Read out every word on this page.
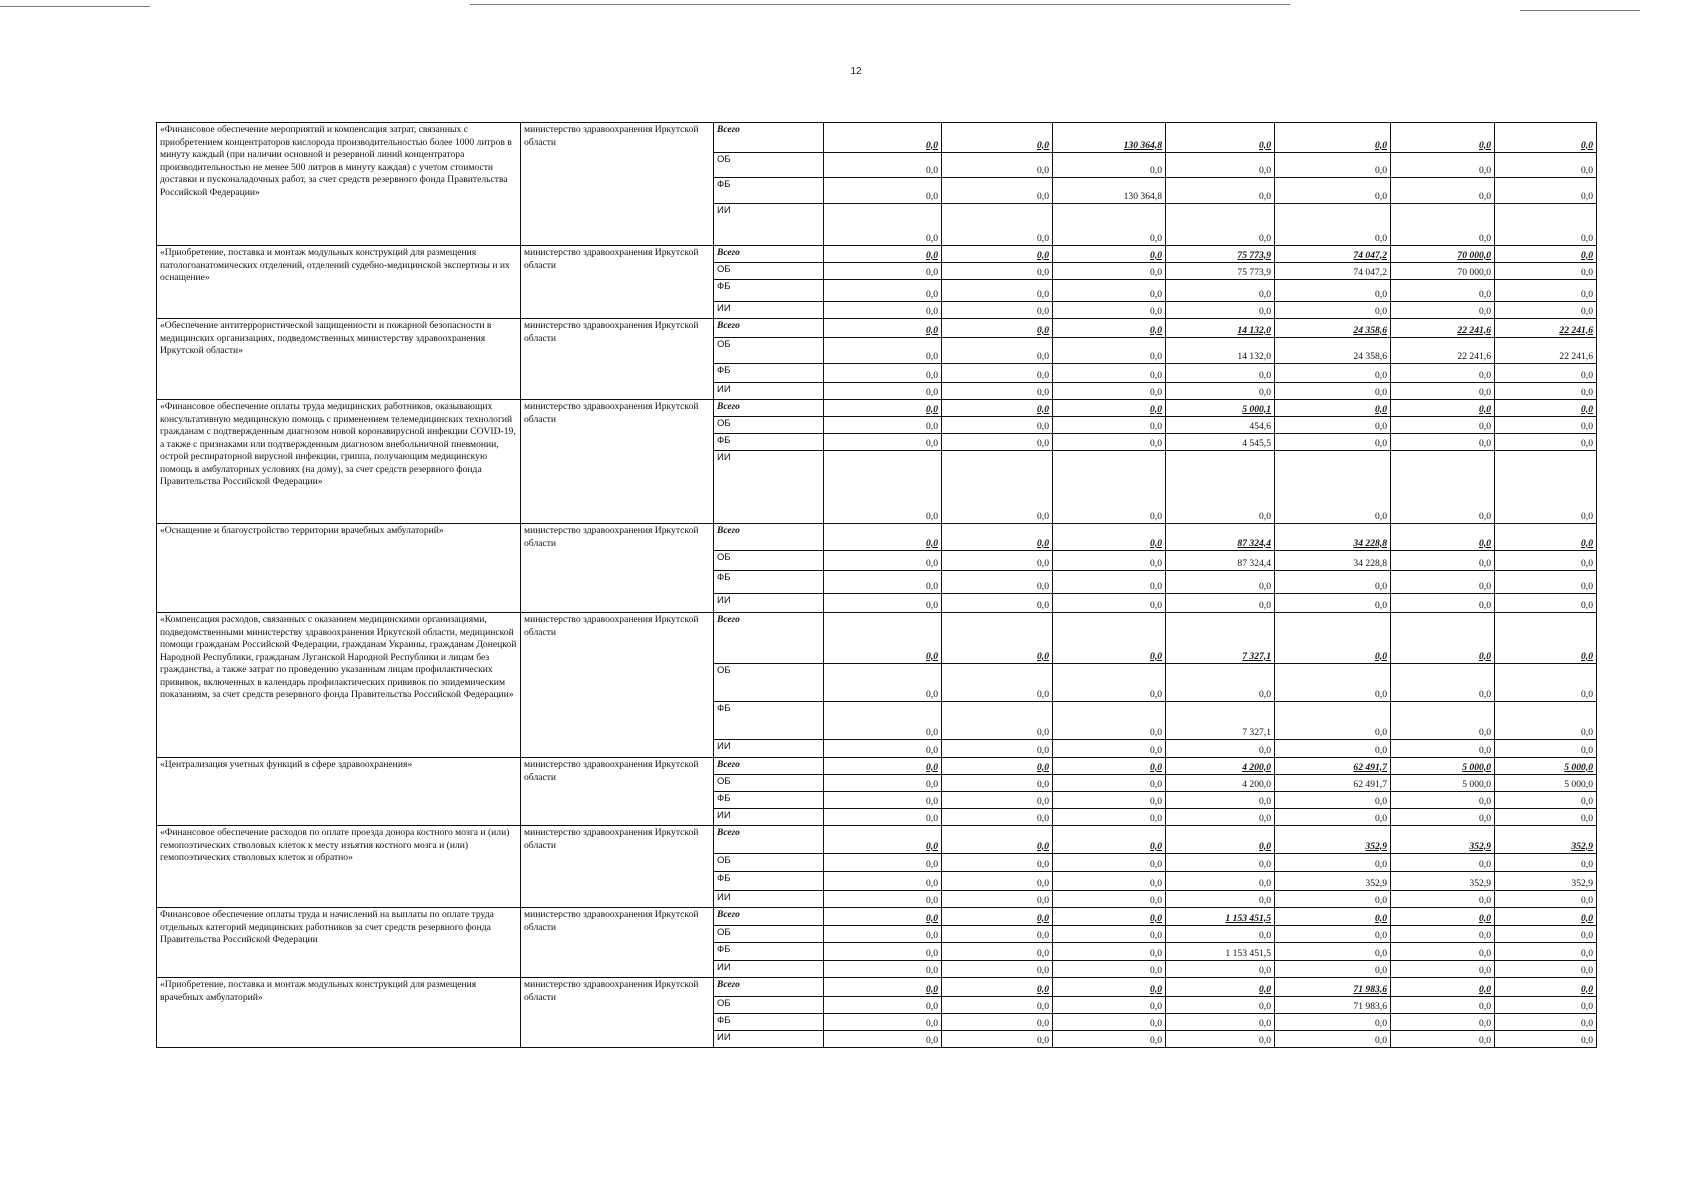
12
«Финансовое обеспечение мероприятий и компенсация затрат, связанных с приобретением концентраторов кислорода производительностью более 1000 литров в минуту каждый (при наличии основной и резервной линий концентратора производительностью не менее 500 литров в минуту каждая) с учетом стоимости доставки и пусконаладочных работ, за счет средств резервного фонда Правительства Российской Федерации»	министерство здравоохранения Иркутской области	Всего	0,0	0,0	130 364,8	0,0	0,0	0,0	0,0
		ОБ	0,0	0,0	0,0	0,0	0,0	0,0	0,0
		ФБ	0,0	0,0	130 364,8	0,0	0,0	0,0	0,0
		ИИ	0,0	0,0	0,0	0,0	0,0	0,0	0,0
«Приобретение, поставка и монтаж модульных конструкций для размещения патологоанатомических отделений, отделений судебно-медицинской экспертизы и их оснащение»	министерство здравоохранения Иркутской области	Всего	0,0	0,0	0,0	75 773,9	74 047,2	70 000,0	0,0
		ОБ	0,0	0,0	0,0	75 773,9	74 047,2	70 000,0	0,0
		ФБ	0,0	0,0	0,0	0,0	0,0	0,0	0,0
		ИИ	0,0	0,0	0,0	0,0	0,0	0,0	0,0
«Обеспечение антитеррористической защищенности и пожарной безопасности в медицинских организациях, подведомственных министерству здравоохранения Иркутской области»	министерство здравоохранения Иркутской области	Всего	0,0	0,0	0,0	14 132,0	24 358,6	22 241,6	22 241,6
		ОБ	0,0	0,0	0,0	14 132,0	24 358,6	22 241,6	22 241,6
		ФБ	0,0	0,0	0,0	0,0	0,0	0,0	0,0
		ИИ	0,0	0,0	0,0	0,0	0,0	0,0	0,0
«Финансовое обеспечение оплаты труда медицинских работников, оказывающих консультативную медицинскую помощь с применением телемедицинских технологий гражданам с подтвержденным диагнозом новой коронавирусной инфекции COVID-19, а также с признаками или подтвержденным диагнозом внебольничной пневмонии, острой респираторной вирусной инфекции, гриппа, получающим медицинскую помощь в амбулаторных условиях (на дому), за счет средств резервного фонда Правительства Российской Федерации»	министерство здравоохранения Иркутской области	Всего	0,0	0,0	0,0	5 000,1	0,0	0,0	0,0
		ОБ	0,0	0,0	0,0	454,6	0,0	0,0	0,0
		ФБ	0,0	0,0	0,0	4 545,5	0,0	0,0	0,0
		ИИ	0,0	0,0	0,0	0,0	0,0	0,0	0,0
«Оснащение и благоустройство территории врачебных амбулаторий»	министерство здравоохранения Иркутской области	Всего	0,0	0,0	0,0	87 324,4	34 228,8	0,0	0,0
		ОБ	0,0	0,0	0,0	87 324,4	34 228,8	0,0	0,0
		ФБ	0,0	0,0	0,0	0,0	0,0	0,0	0,0
		ИИ	0,0	0,0	0,0	0,0	0,0	0,0	0,0
«Компенсация расходов, связанных с оказанием медицинскими организациями, подведомственными министерству здравоохранения Иркутской области, медицинской помощи гражданам Российской Федерации, гражданам Украины, гражданам Донецкой Народной Республики, гражданам Луганской Народной Республики и лицам без гражданства, а также затрат по проведению указанным лицам профилактических прививок, включенных в календарь профилактических прививок по эпидемическим показаниям, за счет средств резервного фонда Правительства Российской Федерации»	министерство здравоохранения Иркутской области	Всего	0,0	0,0	0,0	7 327,1	0,0	0,0	0,0
		ОБ	0,0	0,0	0,0	0,0	0,0	0,0	0,0
		ФБ	0,0	0,0	0,0	7 327,1	0,0	0,0	0,0
		ИИ	0,0	0,0	0,0	0,0	0,0	0,0	0,0
«Централизация учетных функций в сфере здравоохранения»	министерство здравоохранения Иркутской области	Всего	0,0	0,0	0,0	4 200,0	62 491,7	5 000,0	5 000,0
		ОБ	0,0	0,0	0,0	4 200,0	62 491,7	5 000,0	5 000,0
		ФБ	0,0	0,0	0,0	0,0	0,0	0,0	0,0
		ИИ	0,0	0,0	0,0	0,0	0,0	0,0	0,0
«Финансовое обеспечение расходов по оплате проезда донора костного мозга и (или) гемопоэтических стволовых клеток к месту изъятия костного мозга и (или) гемопоэтических стволовых клеток и обратно»	министерство здравоохранения Иркутской области	Всего	0,0	0,0	0,0	0,0	352,9	352,9	352,9
		ОБ	0,0	0,0	0,0	0,0	0,0	0,0	0,0
		ФБ	0,0	0,0	0,0	0,0	352,9	352,9	352,9
		ИИ	0,0	0,0	0,0	0,0	0,0	0,0	0,0
Финансовое обеспечение оплаты труда и начислений на выплаты по оплате труда отдельных категорий медицинских работников за счет средств резервного фонда Правительства Российской Федерации	министерство здравоохранения Иркутской области	Всего	0,0	0,0	0,0	1 153 451,5	0,0	0,0	0,0
		ОБ	0,0	0,0	0,0	0,0	0,0	0,0	0,0
		ФБ	0,0	0,0	0,0	1 153 451,5	0,0	0,0	0,0
		ИИ	0,0	0,0	0,0	0,0	0,0	0,0	0,0
«Приобретение, поставка и монтаж модульных конструкций для размещения врачебных амбулаторий»	министерство здравоохранения Иркутской области	Всего	0,0	0,0	0,0	0,0	71 983,6	0,0	0,0
		ОБ	0,0	0,0	0,0	0,0	71 983,6	0,0	0,0
		ФБ	0,0	0,0	0,0	0,0	0,0	0,0	0,0
		ИИ	0,0	0,0	0,0	0,0	0,0	0,0	0,0
